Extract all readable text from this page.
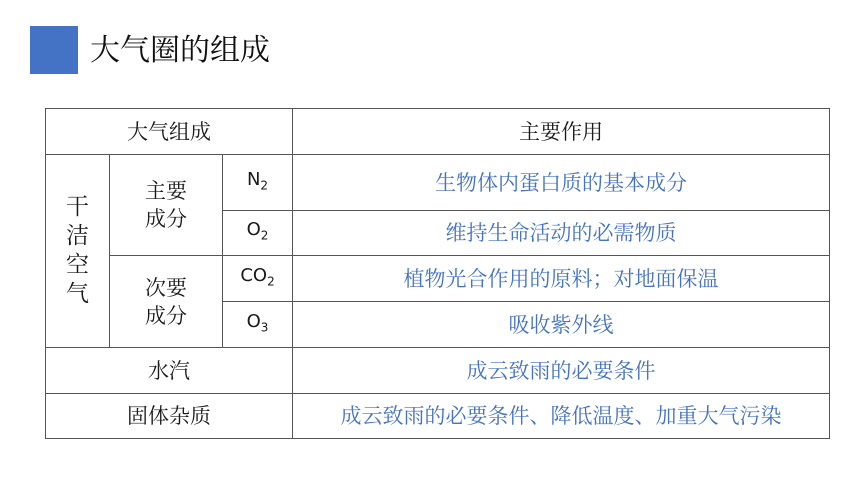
大气圈的组成
大气组成			主要作用
干洁空气	主要成分	$N_2$	生物体内蛋白质的基本成分
		$O_2$	维持生命活动的必需物质
	次要成分	$CO_2$	植物光合作用的原料；对地面保温
		$O_3$	吸收紫外线
水汽			成云致雨的必要条件
固体杂质			成云致雨的必要条件、降低温度、加重大气污染
